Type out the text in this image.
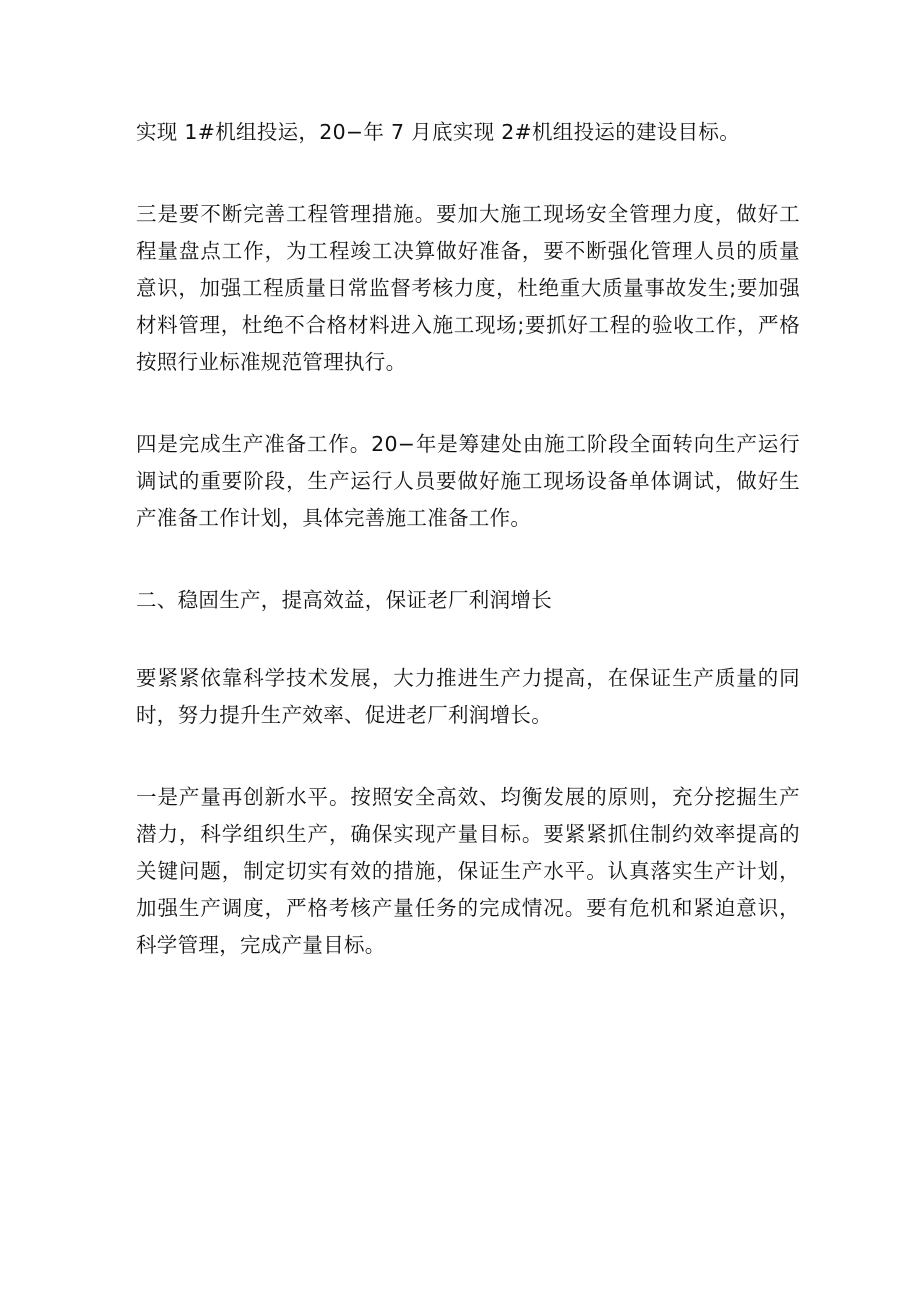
实现 1#机组投运，20−年 7 月底实现 2#机组投运的建设目标。

三是要不断完善工程管理措施。要加大施工现场安全管理力度，做好工程量盘点工作，为工程竣工决算做好准备，要不断强化管理人员的质量意识，加强工程质量日常监督考核力度，杜绝重大质量事故发生;要加强材料管理，杜绝不合格材料进入施工现场;要抓好工程的验收工作，严格按照行业标准规范管理执行。

四是完成生产准备工作。20−年是筹建处由施工阶段全面转向生产运行调试的重要阶段，生产运行人员要做好施工现场设备单体调试，做好生产准备工作计划，具体完善施工准备工作。

二、稳固生产，提高效益，保证老厂利润增长

要紧紧依靠科学技术发展，大力推进生产力提高，在保证生产质量的同时，努力提升生产效率、促进老厂利润增长。

一是产量再创新水平。按照安全高效、均衡发展的原则，充分挖掘生产潜力，科学组织生产，确保实现产量目标。要紧紧抓住制约效率提高的关键问题，制定切实有效的措施，保证生产水平。认真落实生产计划，加强生产调度，严格考核产量任务的完成情况。要有危机和紧迫意识，科学管理，完成产量目标。
